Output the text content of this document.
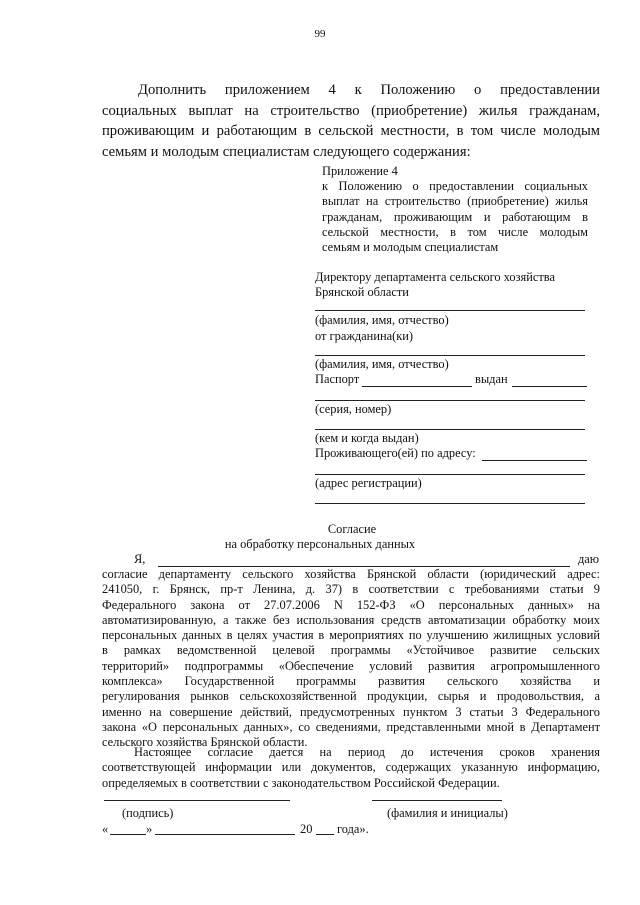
99
Дополнить приложением 4 к Положению о предоставлении
социальных выплат на строительство (приобретение) жилья гражданам,
проживающим и работающим в сельской местности, в том числе молодым
семьям и молодым специалистам следующего содержания:
Приложение 4
к Положению о предоставлении социальных
выплат на строительство (приобретение) жилья
гражданам, проживающим и работающим в
сельской местности, в том числе молодым
семьям и молодым специалистам
Директору департамента сельского хозяйства
Брянской области
(фамилия, имя, отчество)
от гражданина(ки)
(фамилия, имя, отчество)
Паспорт	выдан
(серия, номер)
(кем и когда выдан)
Проживающего(ей) по адресу:
(адрес регистрации)
Согласие
на обработку персональных данных
Я,	даю
согласие департаменту сельского хозяйства Брянской области (юридический адрес:
241050, г. Брянск, пр-т Ленина, д. 37) в соответствии с требованиями статьи 9
Федерального закона от 27.07.2006 N 152-ФЗ «О персональных данных» на
автоматизированную, а также без использования средств автоматизации обработку моих
персональных данных в целях участия в мероприятиях по улучшению жилищных условий
в рамках ведомственной целевой программы «Устойчивое развитие сельских
территорий» подпрограммы «Обеспечение условий развития агропромышленного
комплекса» Государственной программы развития сельского хозяйства и
регулирования рынков сельскохозяйственной продукции, сырья и продовольствия, а
именно на совершение действий, предусмотренных пунктом 3 статьи 3 Федерального
закона «О персональных данных», со сведениями, представленными мной в Департамент
сельского хозяйства Брянской области.
Настоящее согласие дается на период до истечения сроков хранения
соответствующей информации или документов, содержащих указанную информацию,
определяемых в соответствии с законодательством Российской Федерации.
(подпись)	(фамилия и инициалы)
«	»	20 года».
